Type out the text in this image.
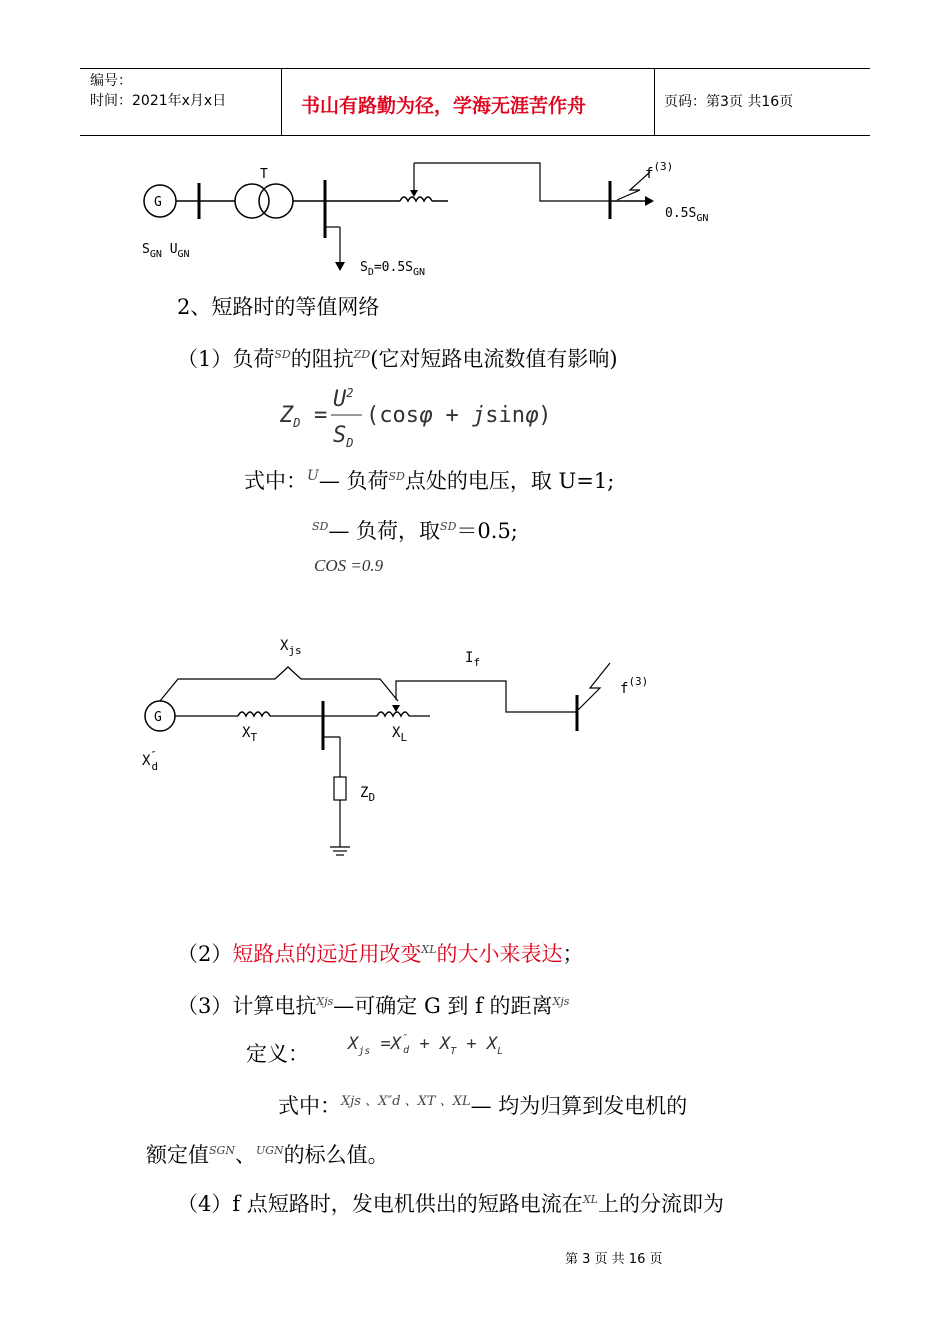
编号：
时间：2021年x月x日	书山有路勤为径，学海无涯苦作舟	页码：第3页 共16页
G
T	$f^{(3)}$
$0.5S_{GN}$
$S_D=0.5S_{GN}$
$S_{GN}$ $U_{GN}$
2、短路时的等值网络
（1）负荷$^{SD}$的阻抗$^{ZD}$(它对短路电流数值有影响)
$Z_D$ =
$U^2$
$S_D$
(cosφ + jsinφ)
式中：$^U$— 负荷$^{SD}$点处的电压，取 U=1;
$^{SD}$— 负荷，取$^{SD}$＝0.5;
COS =0.9
$X_{js}$	$I_f$
G
$X_T$	$X_L$
$f^{(3)}$
X″ d
$Z_D$
（2）短路点的远近用改变$^{XL}$的大小来表达；
（3）计算电抗$^{Xjs}$—可确定 G 到 f 的距离$^{Xjs}$
定义： $X_{js} =X''$ $d + X_T + X_L$
式中：$^{Xjs 、X''d 、XT 、XL}$— 均为归算到发电机的
额定值$^{SGN}$、$^{UGN}$的标么值。
（4）f 点短路时，发电机供出的短路电流在$^{XL}$上的分流即为
第 3 页 共 16 页
